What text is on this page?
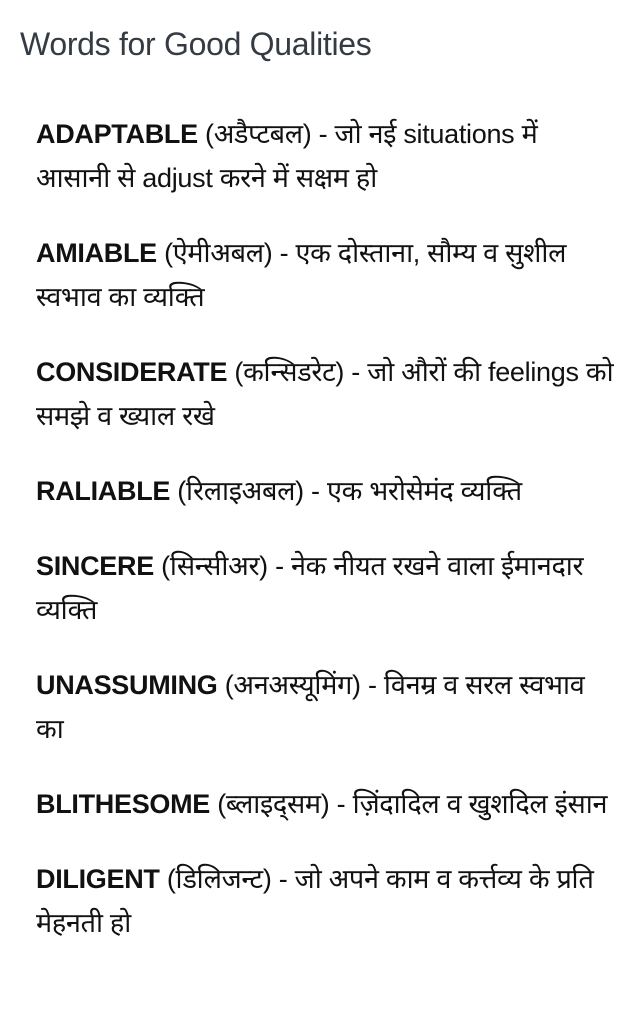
Words for Good Qualities
ADAPTABLE (अडैप्टबल) - जो नई situations में आसानी से adjust करने में सक्षम हो
AMIABLE (ऐमीअबल) - एक दोस्ताना, सौम्य व सुशील स्वभाव का व्यक्ति
CONSIDERATE (कन्सिडरेट) - जो औरों की feelings को समझे व ख्याल रखे
RALIABLE (रिलाइअबल) - एक भरोसेमंद व्यक्ति
SINCERE (सिन्सीअर) - नेक नीयत रखने वाला ईमानदार व्यक्ति
UNASSUMING (अनअस्यूमिंग) - विनम्र व सरल स्वभाव का
BLITHESOME (ब्लाइद्सम) - ज़िंदादिल व खुशदिल इंसान
DILIGENT (डिलिजन्ट) - जो अपने काम व कर्त्तव्य के प्रति मेहनती हो
